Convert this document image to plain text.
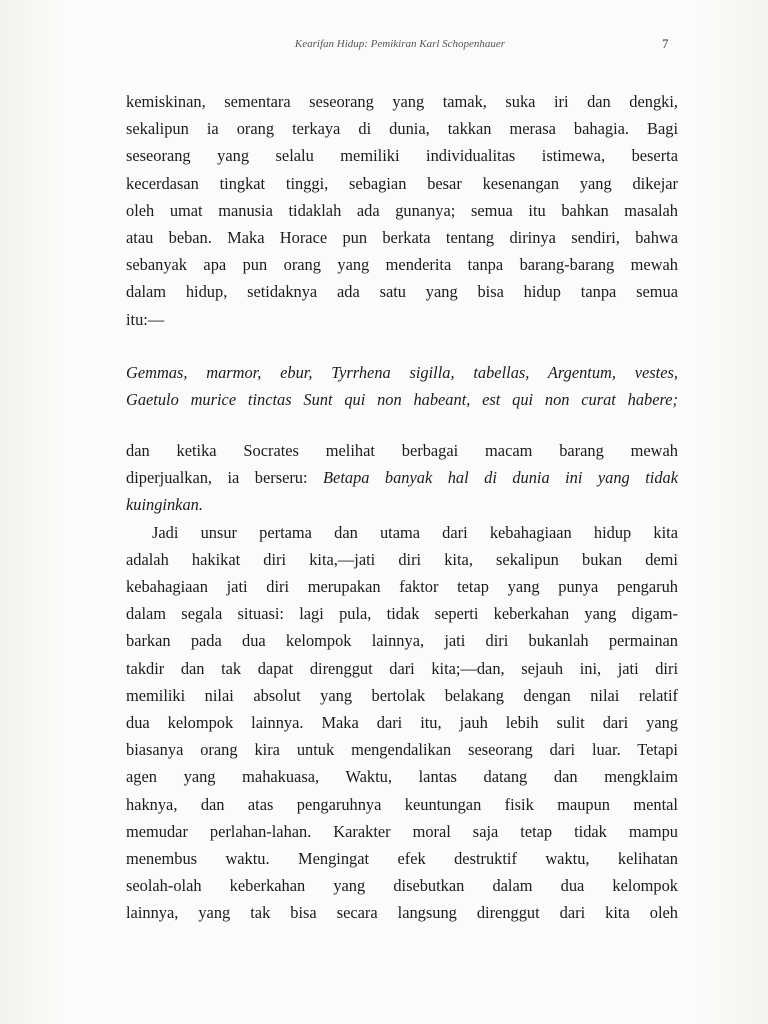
Kearifan Hidup: Pemikiran Karl Schopenhauer	7
kemiskinan, sementara seseorang yang tamak, suka iri dan dengki,
sekalipun ia orang terkaya di dunia, takkan merasa bahagia. Bagi
seseorang yang selalu memiliki individualitas istimewa, beserta
kecerdasan tingkat tinggi, sebagian besar kesenangan yang dikejar
oleh umat manusia tidaklah ada gunanya; semua itu bahkan masalah
atau beban. Maka Horace pun berkata tentang dirinya sendiri, bahwa
sebanyak apa pun orang yang menderita tanpa barang-barang mewah
dalam hidup, setidaknya ada satu yang bisa hidup tanpa semua
itu:—
Gemmas, marmor, ebur, Tyrrhena sigilla, tabellas, Argentum, vestes,
Gaetulo murice tinctas Sunt qui non habeant, est qui non curat habere;
dan ketika Socrates melihat berbagai macam barang mewah
diperjualkan, ia berseru: Betapa banyak hal di dunia ini yang tidak
kuinginkan.
Jadi unsur pertama dan utama dari kebahagiaan hidup kita
adalah hakikat diri kita,—jati diri kita, sekalipun bukan demi
kebahagiaan jati diri merupakan faktor tetap yang punya pengaruh
dalam segala situasi: lagi pula, tidak seperti keberkahan yang digam-
barkan pada dua kelompok lainnya, jati diri bukanlah permainan
takdir dan tak dapat direnggut dari kita;—dan, sejauh ini, jati diri
memiliki nilai absolut yang bertolak belakang dengan nilai relatif
dua kelompok lainnya. Maka dari itu, jauh lebih sulit dari yang
biasanya orang kira untuk mengendalikan seseorang dari luar. Tetapi
agen yang mahakuasa, Waktu, lantas datang dan mengklaim
haknya, dan atas pengaruhnya keuntungan fisik maupun mental
memudar perlahan-lahan. Karakter moral saja tetap tidak mampu
menembus waktu. Mengingat efek destruktif waktu, kelihatan
seolah-olah keberkahan yang disebutkan dalam dua kelompok
lainnya, yang tak bisa secara langsung direnggut dari kita oleh
